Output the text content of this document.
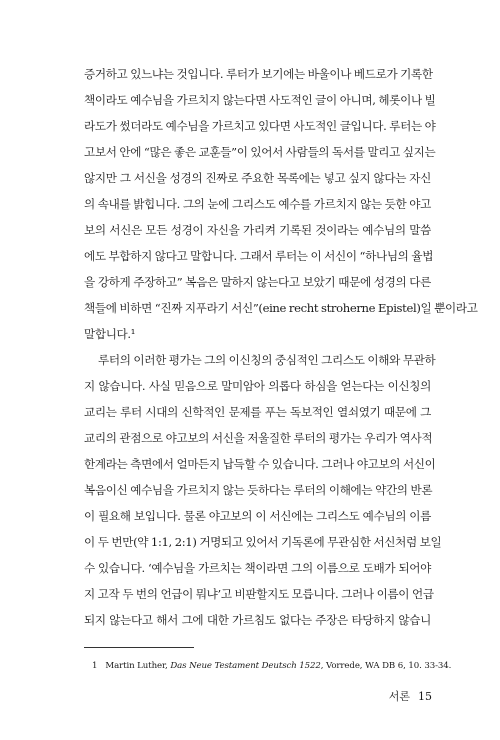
증거하고 있느냐는 것입니다. 루터가 보기에는 바울이나 베드로가 기록한
책이라도 예수님을 가르치지 않는다면 사도적인 글이 아니며, 헤롯이나 빌
라도가 썼더라도 예수님을 가르치고 있다면 사도적인 글입니다. 루터는 야
고보서 안에 “많은 좋은 교훈들”이 있어서 사람들의 독서를 말리고 싶지는
않지만 그 서신을 성경의 진짜로 주요한 목록에는 넣고 싶지 않다는 자신
의 속내를 밝힙니다. 그의 눈에 그리스도 예수를 가르치지 않는 듯한 야고
보의 서신은 모든 성경이 자신을 가리켜 기록된 것이라는 예수님의 말씀
에도 부합하지 않다고 말합니다. 그래서 루터는 이 서신이 “하나님의 율법
을 강하게 주장하고” 복음은 말하지 않는다고 보았기 때문에 성경의 다른
책들에 비하면 “진짜 지푸라기 서신”(eine recht stroherne Epistel)일 뿐이라고
말합니다.¹
루터의 이러한 평가는 그의 이신칭의 중심적인 그리스도 이해와 무관하
지 않습니다. 사실 믿음으로 말미암아 의롭다 하심을 얻는다는 이신칭의
교리는 루터 시대의 신학적인 문제를 푸는 독보적인 열쇠였기 때문에 그
교리의 관점으로 야고보의 서신을 저울질한 루터의 평가는 우리가 역사적
한계라는 측면에서 얼마든지 납득할 수 있습니다. 그러나 야고보의 서신이
복음이신 예수님을 가르치지 않는 듯하다는 루터의 이해에는 약간의 반론
이 필요해 보입니다. 물론 야고보의 이 서신에는 그리스도 예수님의 이름
이 두 번만(약 1:1, 2:1) 거명되고 있어서 기독론에 무관심한 서신처럼 보일
수 있습니다. ‘예수님을 가르치는 책이라면 그의 이름으로 도배가 되어야
지 고작 두 번의 언급이 뭐냐’고 비판할지도 모릅니다. 그러나 이름이 언급
되지 않는다고 해서 그에 대한 가르침도 없다는 주장은 타당하지 않습니
1 Martin Luther, Das Neue Testament Deutsch 1522, Vorrede, WA DB 6, 10. 33-34.
서론 15
